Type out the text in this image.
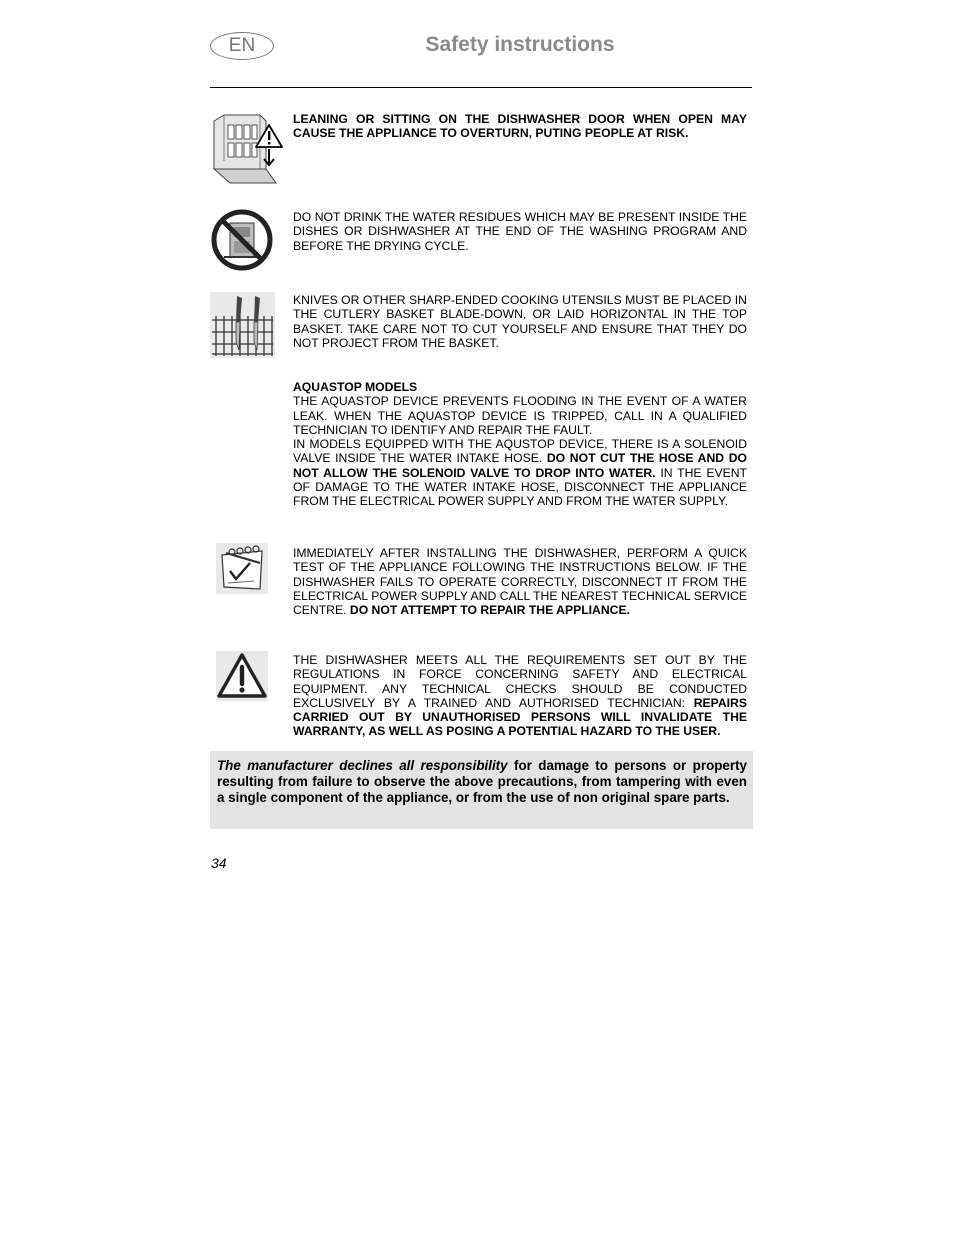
EN	Safety instructions

LEANING OR SITTING ON THE DISHWASHER DOOR WHEN OPEN MAY CAUSE THE APPLIANCE TO OVERTURN, PUTING PEOPLE AT RISK.

DO NOT DRINK THE WATER RESIDUES WHICH MAY BE PRESENT INSIDE THE DISHES OR DISHWASHER AT THE END OF THE WASHING PROGRAM AND BEFORE THE DRYING CYCLE.

KNIVES OR OTHER SHARP-ENDED COOKING UTENSILS MUST BE PLACED IN THE CUTLERY BASKET BLADE-DOWN, OR LAID HORIZONTAL IN THE TOP BASKET. TAKE CARE NOT TO CUT YOURSELF AND ENSURE THAT THEY DO NOT PROJECT FROM THE BASKET.

AQUASTOP MODELS

THE AQUASTOP DEVICE PREVENTS FLOODING IN THE EVENT OF A WATER LEAK. WHEN THE AQUASTOP DEVICE IS TRIPPED, CALL IN A QUALIFIED TECHNICIAN TO IDENTIFY AND REPAIR THE FAULT.

IN MODELS EQUIPPED WITH THE AQUSTOP DEVICE, THERE IS A SOLENOID VALVE INSIDE THE WATER INTAKE HOSE. DO NOT CUT THE HOSE AND DO NOT ALLOW THE SOLENOID VALVE TO DROP INTO WATER. IN THE EVENT OF DAMAGE TO THE WATER INTAKE HOSE, DISCONNECT THE APPLIANCE FROM THE ELECTRICAL POWER SUPPLY AND FROM THE WATER SUPPLY.

IMMEDIATELY AFTER INSTALLING THE DISHWASHER, PERFORM A QUICK TEST OF THE APPLIANCE FOLLOWING THE INSTRUCTIONS BELOW. IF THE DISHWASHER FAILS TO OPERATE CORRECTLY, DISCONNECT IT FROM THE ELECTRICAL POWER SUPPLY AND CALL THE NEAREST TECHNICAL SERVICE CENTRE. DO NOT ATTEMPT TO REPAIR THE APPLIANCE.

THE DISHWASHER MEETS ALL THE REQUIREMENTS SET OUT BY THE REGULATIONS IN FORCE CONCERNING SAFETY AND ELECTRICAL EQUIPMENT. ANY TECHNICAL CHECKS SHOULD BE CONDUCTED EXCLUSIVELY BY A TRAINED AND AUTHORISED TECHNICIAN: REPAIRS CARRIED OUT BY UNAUTHORISED PERSONS WILL INVALIDATE THE WARRANTY, AS WELL AS POSING A POTENTIAL HAZARD TO THE USER.

The manufacturer declines all responsibility for damage to persons or property resulting from failure to observe the above precautions, from tampering with even a single component of the appliance, or from the use of non original spare parts.
34
